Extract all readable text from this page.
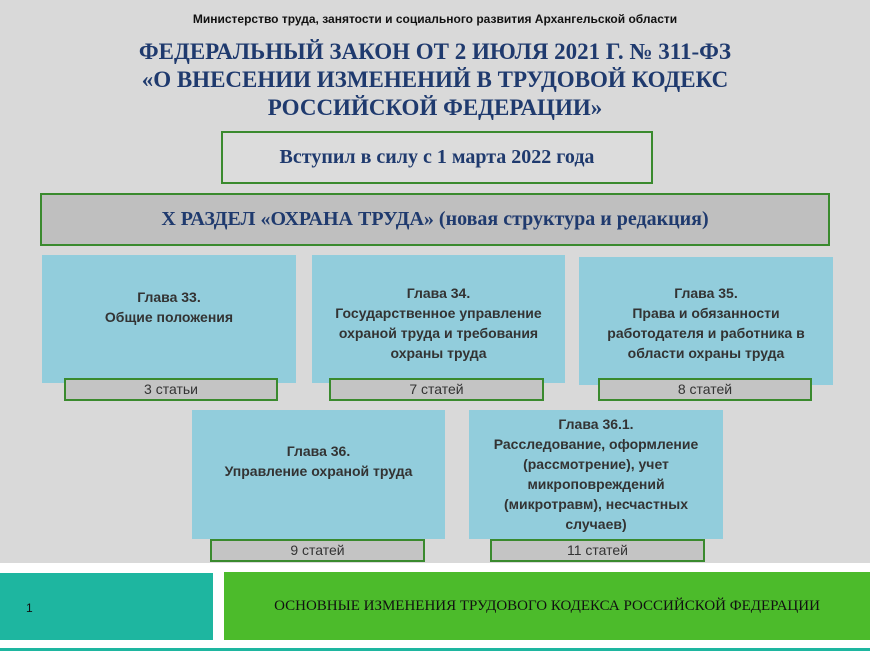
Министерство труда, занятости и социального развития Архангельской области
ФЕДЕРАЛЬНЫЙ ЗАКОН ОТ 2 ИЮЛЯ 2021 Г. № 311-ФЗ
«О ВНЕСЕНИИ ИЗМЕНЕНИЙ В ТРУДОВОЙ КОДЕКС
РОССИЙСКОЙ ФЕДЕРАЦИИ»
Вступил в силу с 1 марта 2022 года
X РАЗДЕЛ «ОХРАНА ТРУДА» (новая структура и редакция)
Глава 33.
Общие положения
3 статьи
Глава 34.
Государственное управление
охраной труда и требования
охраны труда
7 статей
Глава 35.
Права и обязанности
работодателя и работника в
области охраны труда
8 статей
Глава 36.
Управление охраной труда
9 статей
Глава 36.1.
Расследование, оформление
(рассмотрение), учет
микроповреждений
(микротравм), несчастных
случаев)
11 статей
1	ОСНОВНЫЕ ИЗМЕНЕНИЯ ТРУДОВОГО КОДЕКСА РОССИЙСКОЙ ФЕДЕРАЦИИ
